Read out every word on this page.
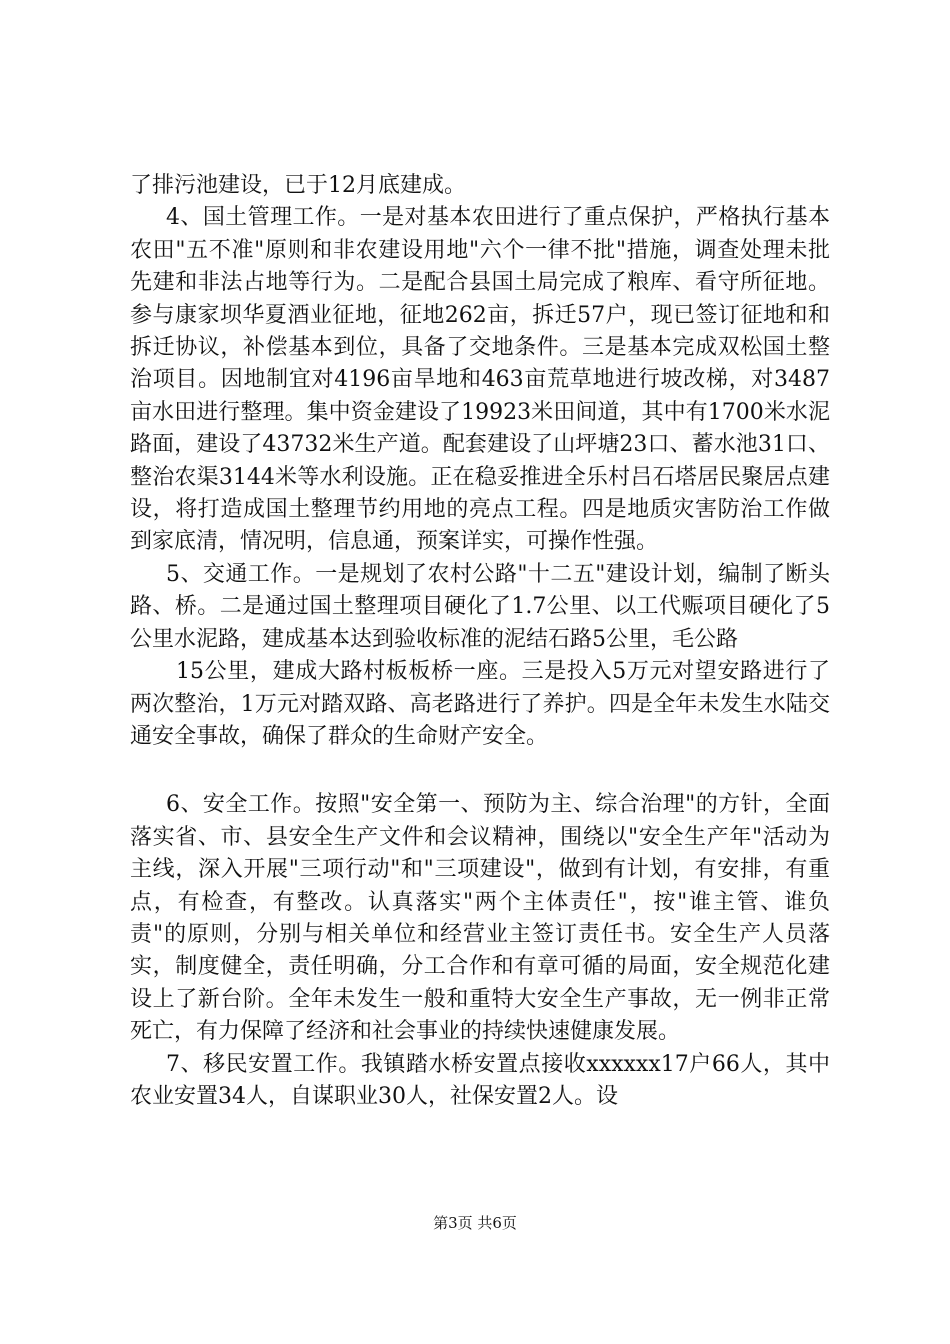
了排污池建设，已于12月底建成。

4、国土管理工作。一是对基本农田进行了重点保护，严格执行基本农田"五不准"原则和非农建设用地"六个一律不批"措施，调查处理未批先建和非法占地等行为。二是配合县国土局完成了粮库、看守所征地。参与康家坝华夏酒业征地，征地262亩，拆迁57户，现已签订征地和和拆迁协议，补偿基本到位，具备了交地条件。三是基本完成双松国土整治项目。因地制宜对4196亩旱地和463亩荒草地进行坡改梯，对3487亩水田进行整理。集中资金建设了19923米田间道，其中有1700米水泥路面，建设了43732米生产道。配套建设了山坪塘23口、蓄水池31口、整治农渠3144米等水利设施。正在稳妥推进全乐村吕石塔居民聚居点建设，将打造成国土整理节约用地的亮点工程。四是地质灾害防治工作做到家底清，情况明，信息通，预案详实，可操作性强。

5、交通工作。一是规划了农村公路"十二五"建设计划，编制了断头路、桥。二是通过国土整理项目硬化了1.7公里、以工代赈项目硬化了5公里水泥路，建成基本达到验收标准的泥结石路5公里，毛公路

15公里，建成大路村板板桥一座。三是投入5万元对望安路进行了两次整治，1万元对踏双路、高老路进行了养护。四是全年未发生水陆交通安全事故，确保了群众的生命财产安全。

6、安全工作。按照"安全第一、预防为主、综合治理"的方针，全面落实省、市、县安全生产文件和会议精神，围绕以"安全生产年"活动为主线，深入开展"三项行动"和"三项建设"，做到有计划，有安排，有重点，有检查，有整改。认真落实"两个主体责任"，按"谁主管、谁负责"的原则，分别与相关单位和经营业主签订责任书。安全生产人员落实，制度健全，责任明确，分工合作和有章可循的局面，安全规范化建设上了新台阶。全年未发生一般和重特大安全生产事故，无一例非正常死亡，有力保障了经济和社会事业的持续快速健康发展。

7、移民安置工作。我镇踏水桥安置点接收xxxxxx17户66人，其中农业安置34人，自谋职业30人，社保安置2人。设

第3页 共6页
